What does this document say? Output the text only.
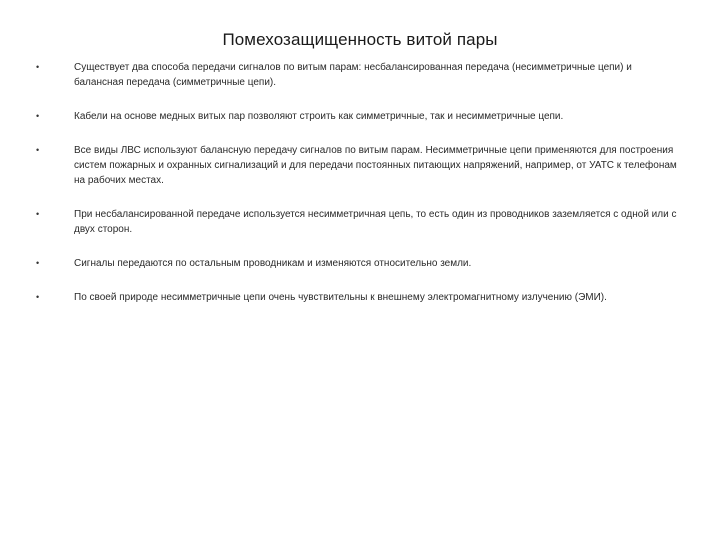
Помехозащищенность витой пары
•	Существует два способа передачи сигналов по витым парам: несбалансированная передача (несимметричные цепи) и балансная передача (симметричные цепи).
•	Кабели на основе медных витых пар позволяют строить как симметричные, так и несимметричные цепи.
•	Все виды ЛВС используют балансную передачу сигналов по витым парам. Несимметричные цепи применяются для построения систем пожарных и охранных сигнализаций и для передачи постоянных питающих напряжений, например, от УАТС к телефонам на рабочих местах.
•	При несбалансированной передаче используется несимметричная цепь, то есть один из проводников заземляется с одной или с двух сторон.
•	Сигналы передаются по остальным проводникам и изменяются относительно земли.
•	По своей природе несимметричные цепи очень чувствительны к внешнему электромагнитному излучению (ЭМИ).
